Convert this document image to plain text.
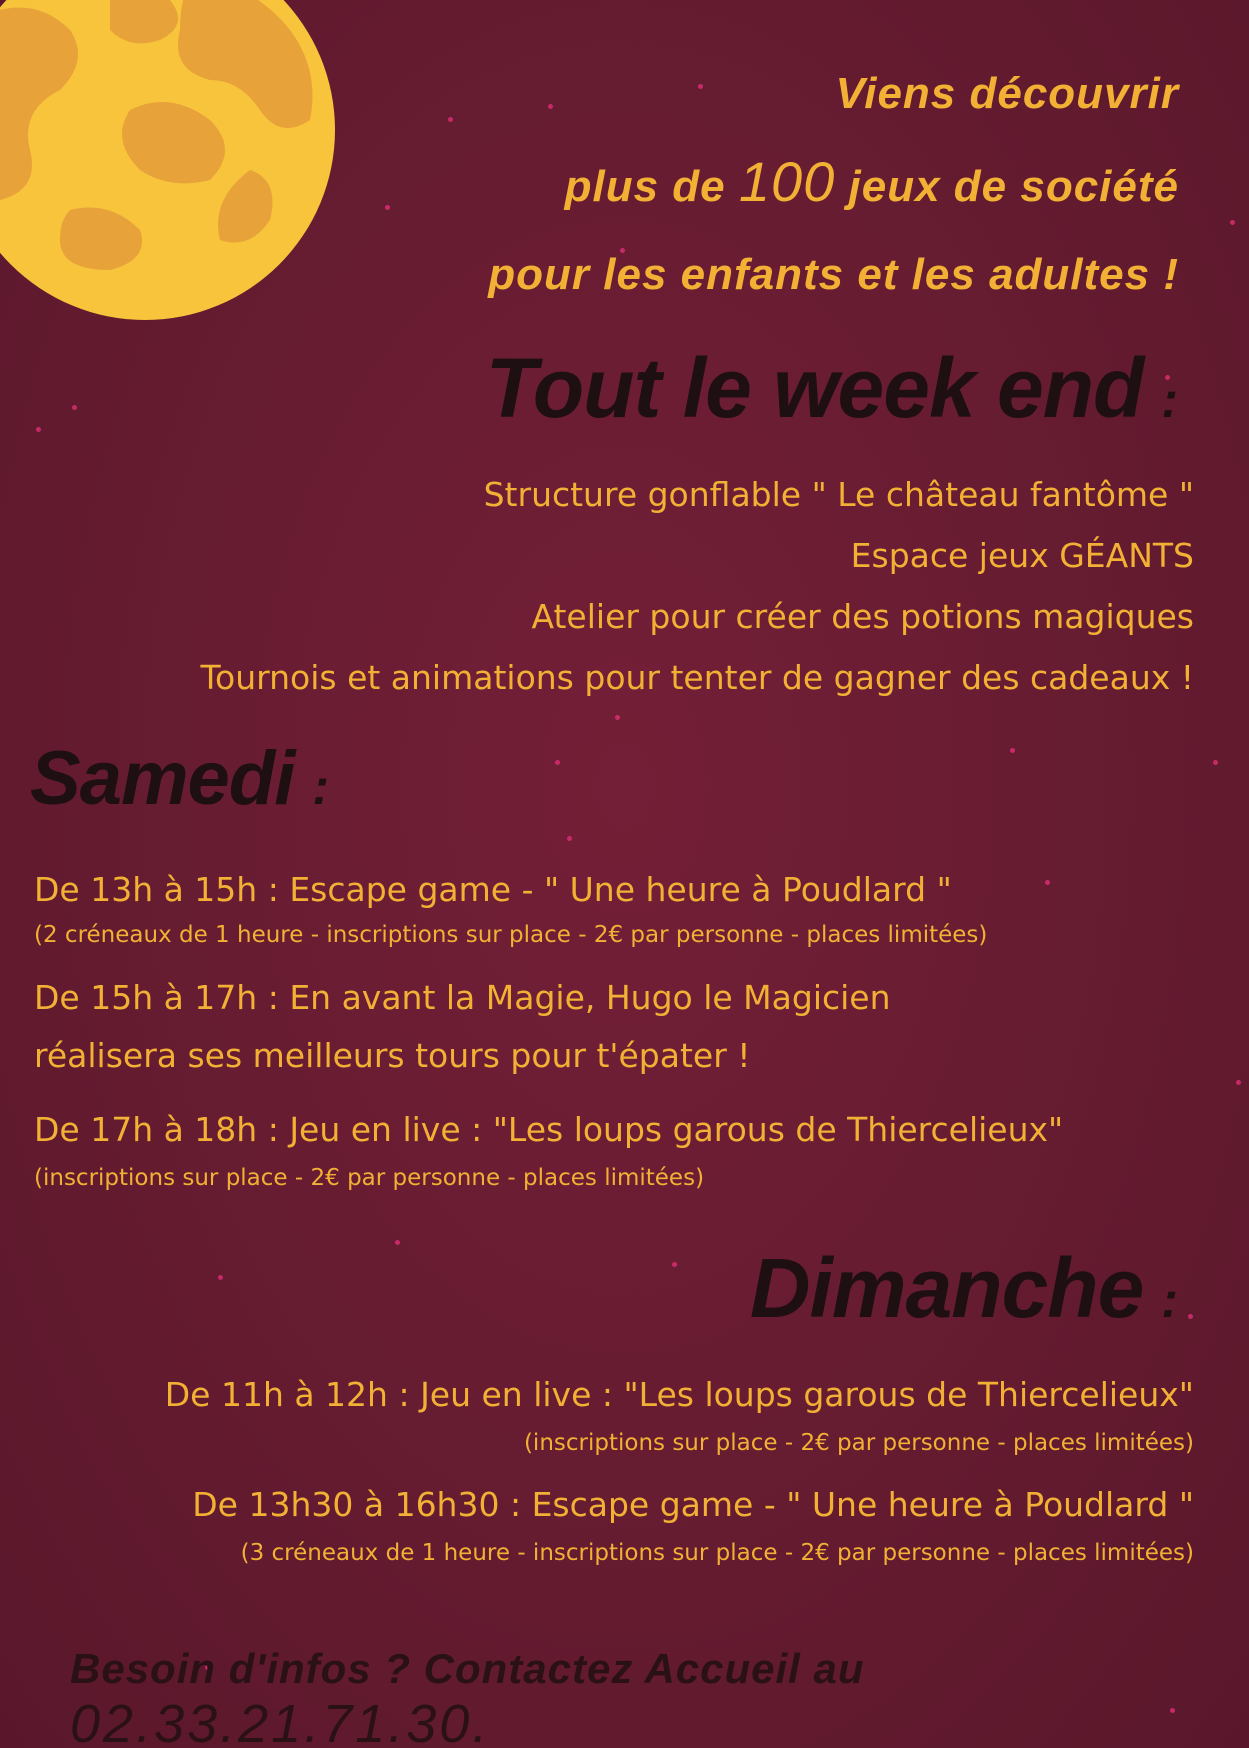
Viens découvrir
plus de 100 jeux de société
pour les enfants et les adultes !
Tout le week end :
Structure gonflable " Le château fantôme "
Espace jeux GÉANTS
Atelier pour créer des potions magiques
Tournois et animations pour tenter de gagner des cadeaux !
Samedi :
De 13h à 15h : Escape game - " Une heure à Poudlard "
(2 créneaux de 1 heure - inscriptions sur place - 2€ par personne - places limitées)
De 15h à 17h : En avant la Magie, Hugo le Magicien
réalisera ses meilleurs tours pour t'épater !
De 17h à 18h : Jeu en live : "Les loups garous de Thiercelieux"
(inscriptions sur place - 2€ par personne - places limitées)
Dimanche :
De 11h à 12h : Jeu en live : "Les loups garous de Thiercelieux"
(inscriptions sur place - 2€ par personne - places limitées)
De 13h30 à 16h30 : Escape game - " Une heure à Poudlard "
(3 créneaux de 1 heure - inscriptions sur place - 2€ par personne - places limitées)
Besoin d'infos ? Contactez Accueil au 02.33.21.71.30.
